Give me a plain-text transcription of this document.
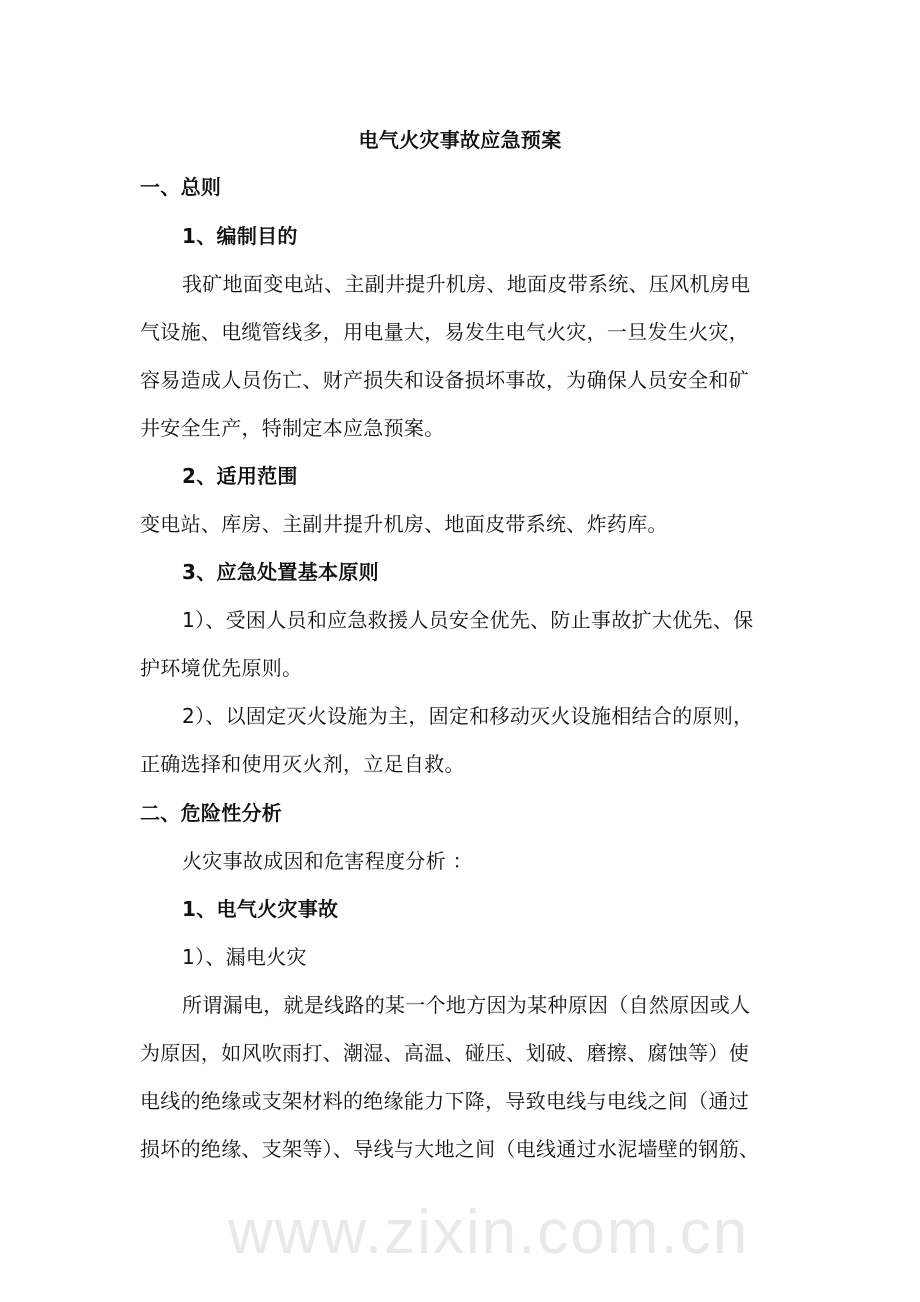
www.zixin.com.cn
电气火灾事故应急预案
一、总则
1、编制目的
我矿地面变电站、主副井提升机房、地面皮带系统、压风机房电
气设施、电缆管线多，用电量大，易发生电气火灾，一旦发生火灾，
容易造成人员伤亡、财产损失和设备损坏事故，为确保人员安全和矿
井安全生产，特制定本应急预案。
2、适用范围
变电站、库房、主副井提升机房、地面皮带系统、炸药库。
3、应急处置基本原则
1）、受困人员和应急救援人员安全优先、防止事故扩大优先、保
护环境优先原则。
2）、以固定灭火设施为主，固定和移动灭火设施相结合的原则，
正确选择和使用灭火剂，立足自救。
二、危险性分析
火灾事故成因和危害程度分析 ：
1、电气火灾事故
1）、漏电火灾
所谓漏电，就是线路的某一个地方因为某种原因（自然原因或人
为原因，如风吹雨打、潮湿、高温、碰压、划破、磨擦、腐蚀等）使
电线的绝缘或支架材料的绝缘能力下降，导致电线与电线之间（通过
损坏的绝缘、支架等）、导线与大地之间（电线通过水泥墙壁的钢筋、
